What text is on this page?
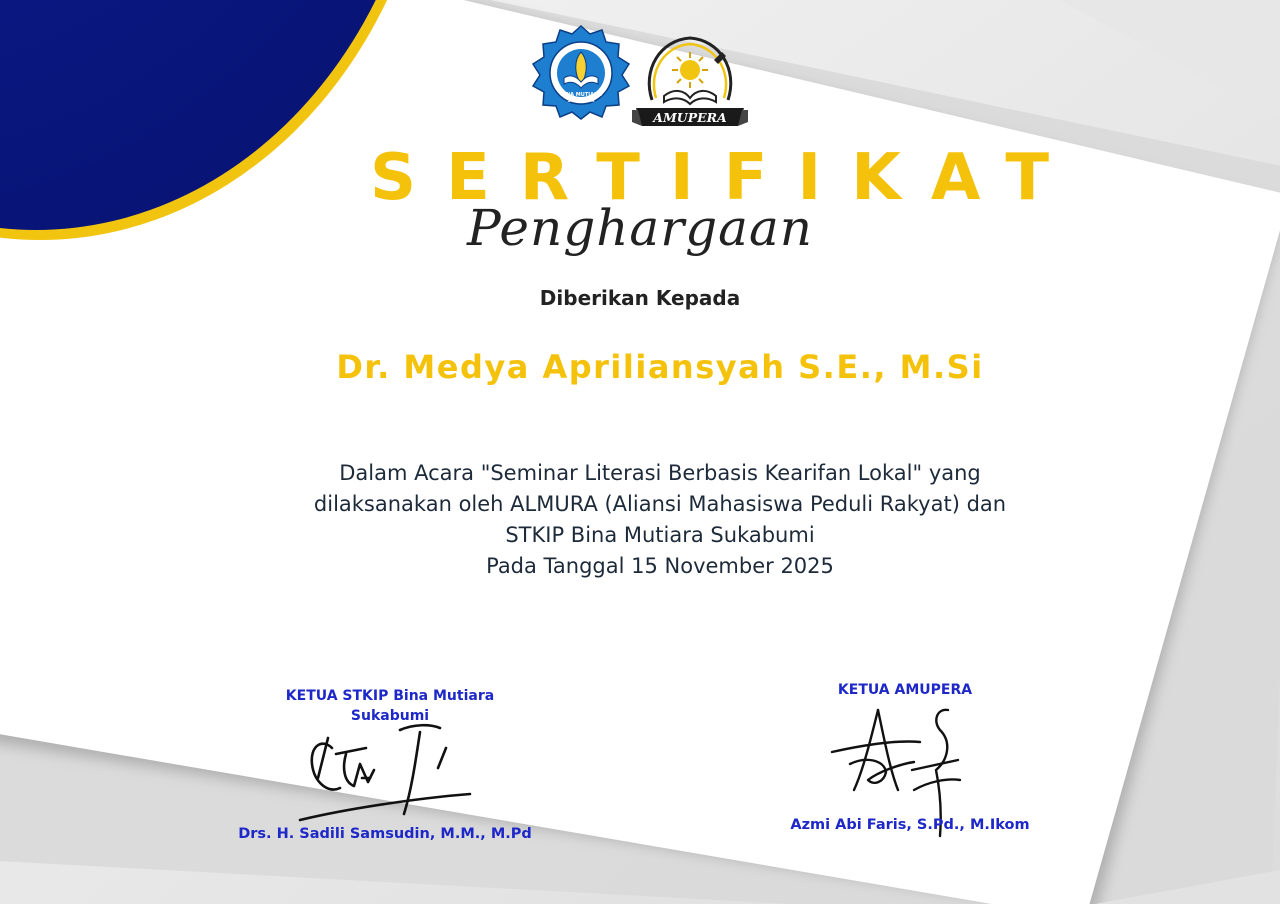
BINA MUTIARA
SUKABUMI
AMUPERA
SERTIFIKAT
Penghargaan
Diberikan Kepada
Dr. Medya Apriliansyah S.E., M.Si
Dalam Acara "Seminar Literasi Berbasis Kearifan Lokal" yang
dilaksanakan oleh ALMURA (Aliansi Mahasiswa Peduli Rakyat) dan
STKIP Bina Mutiara Sukabumi
Pada Tanggal 15 November 2025
KETUA STKIP Bina Mutiara
Sukabumi
Drs. H. Sadili Samsudin, M.M., M.Pd
KETUA AMUPERA
Azmi Abi Faris, S.Pd., M.Ikom
